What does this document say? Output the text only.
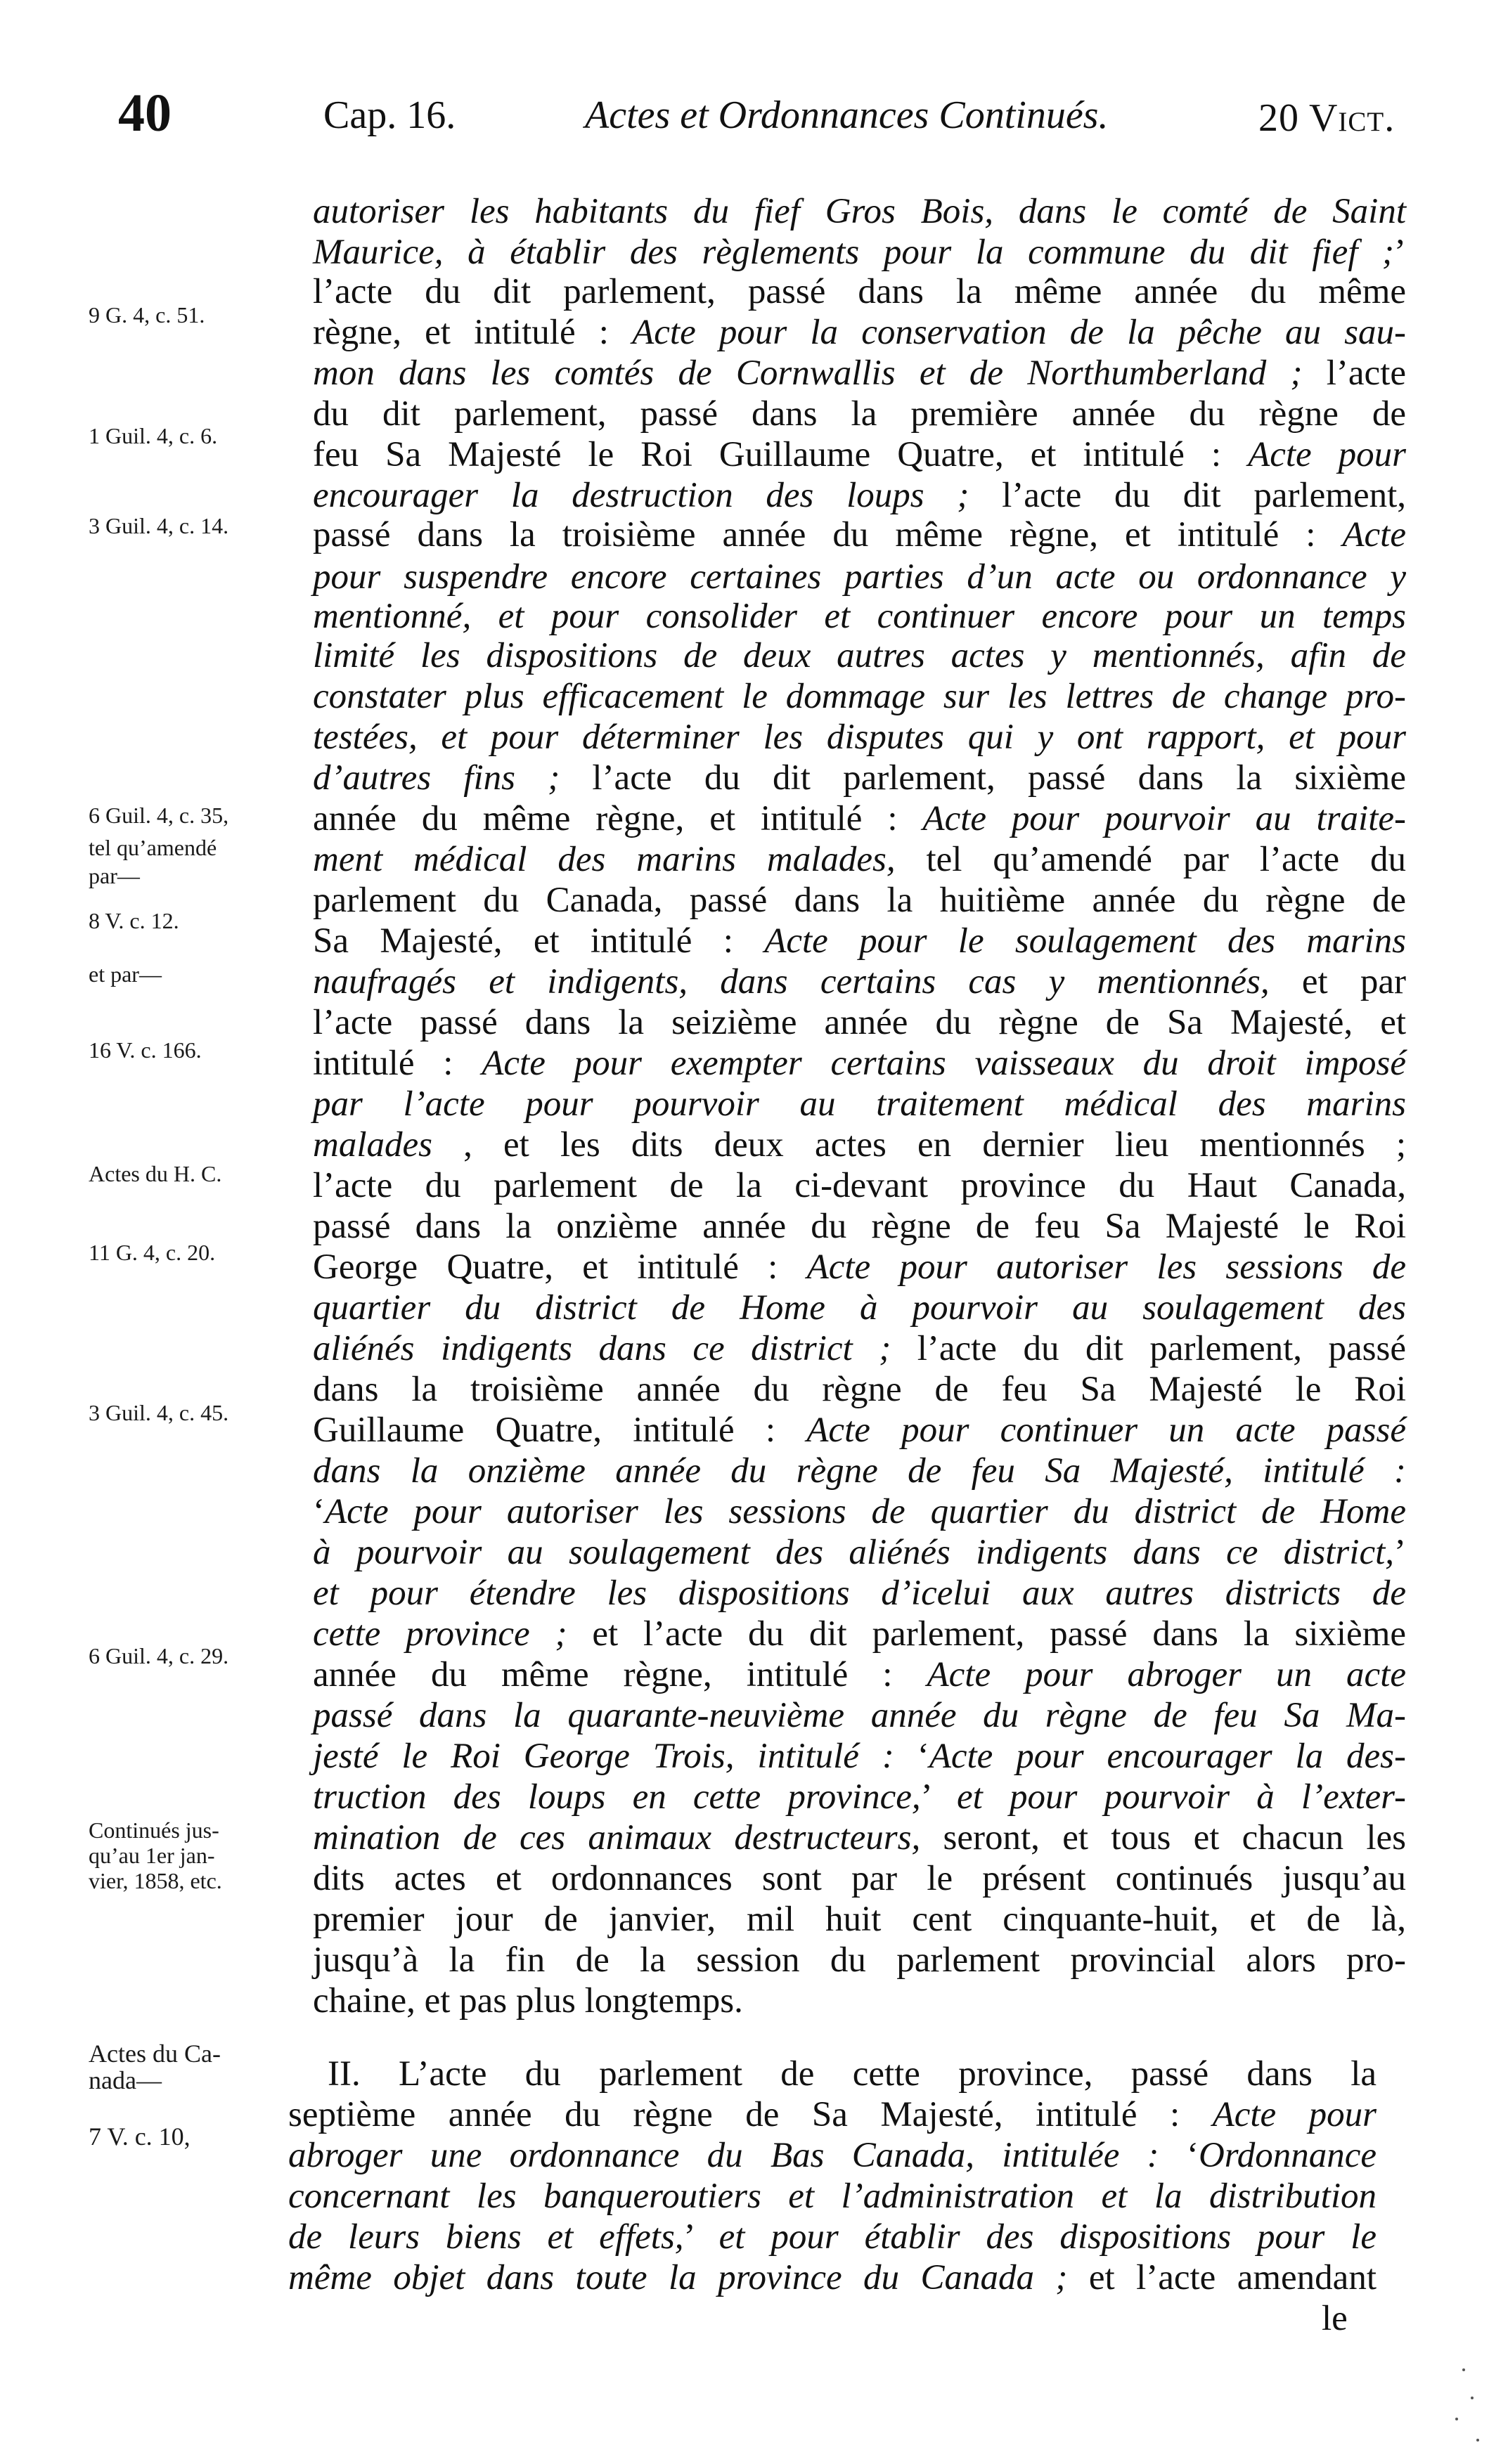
40	Cap. 16.	Actes et Ordonnances Continués.	20 Vict.
autoriser les habitants du fief Gros Bois, dans le comté de Saint
Maurice, à établir des règlements pour la commune du dit fief ;’
l’acte du dit parlement, passé dans la même année du même
règne, et intitulé : Acte pour la conservation de la pêche au sau-
mon dans les comtés de Cornwallis et de Northumberland ; l’acte
du dit parlement, passé dans la première année du règne de
feu Sa Majesté le Roi Guillaume Quatre, et intitulé : Acte pour
encourager la destruction des loups ; l’acte du dit parlement,
passé dans la troisième année du même règne, et intitulé : Acte
pour suspendre encore certaines parties d’un acte ou ordonnance y
mentionné, et pour consolider et continuer encore pour un temps
limité les dispositions de deux autres actes y mentionnés, afin de
constater plus efficacement le dommage sur les lettres de change pro-
testées, et pour déterminer les disputes qui y ont rapport, et pour
d’autres fins ; l’acte du dit parlement, passé dans la sixième
année du même règne, et intitulé : Acte pour pourvoir au traite-
ment médical des marins malades, tel qu’amendé par l’acte du
parlement du Canada, passé dans la huitième année du règne de
Sa Majesté, et intitulé : Acte pour le soulagement des marins
naufragés et indigents, dans certains cas y mentionnés, et par
l’acte passé dans la seizième année du règne de Sa Majesté, et
intitulé : Acte pour exempter certains vaisseaux du droit imposé
par l’acte pour pourvoir au traitement médical des marins
malades , et les dits deux actes en dernier lieu mentionnés ;
l’acte du parlement de la ci-devant province du Haut Canada,
passé dans la onzième année du règne de feu Sa Majesté le Roi
George Quatre, et intitulé : Acte pour autoriser les sessions de
quartier du district de Home à pourvoir au soulagement des
aliénés indigents dans ce district ; l’acte du dit parlement, passé
dans la troisième année du règne de feu Sa Majesté le Roi
Guillaume Quatre, intitulé : Acte pour continuer un acte passé
dans la onzième année du règne de feu Sa Majesté, intitulé :
‘Acte pour autoriser les sessions de quartier du district de Home
à pourvoir au soulagement des aliénés indigents dans ce district,’
et pour étendre les dispositions d’icelui aux autres districts de
cette province ; et l’acte du dit parlement, passé dans la sixième
année du même règne, intitulé : Acte pour abroger un acte
passé dans la quarante-neuvième année du règne de feu Sa Ma-
jesté le Roi George Trois, intitulé : ‘Acte pour encourager la des-
truction des loups en cette province,’ et pour pourvoir à l’exter-
mination de ces animaux destructeurs, seront, et tous et chacun les
dits actes et ordonnances sont par le présent continués jusqu’au
premier jour de janvier, mil huit cent cinquante-huit, et de là,
jusqu’à la fin de la session du parlement provincial alors pro-
chaine, et pas plus longtemps.
II. L’acte du parlement de cette province, passé dans la
septième année du règne de Sa Majesté, intitulé : Acte pour
abroger une ordonnance du Bas Canada, intitulée : ‘Ordonnance
concernant les banqueroutiers et l’administration et la distribution
de leurs biens et effets,’ et pour établir des dispositions pour le
même objet dans toute la province du Canada ; et l’acte amendant
le
9 G. 4, c. 51.
1 Guil. 4, c. 6.
3 Guil. 4, c. 14.
6 Guil. 4, c. 35,
tel qu’amendé
par—
8 V. c. 12.
et par—
16 V. c. 166.
Actes du H. C.
11 G. 4, c. 20.
3 Guil. 4, c. 45.
6 Guil. 4, c. 29.
Continués jus-
qu’au 1er jan-
vier, 1858, etc.
Actes du Ca-
nada—
7 V. c. 10,
